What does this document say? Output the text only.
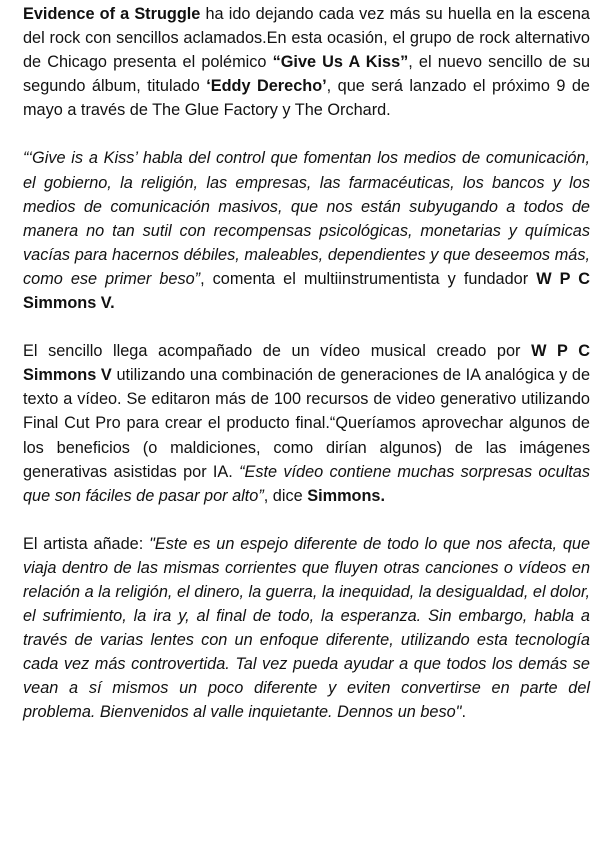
Evidence of a Struggle ha ido dejando cada vez más su huella en la escena del rock con sencillos aclamados.En esta ocasión, el grupo de rock alternativo de Chicago presenta el polémico “Give Us A Kiss”, el nuevo sencillo de su segundo álbum, titulado ‘Eddy Derecho’, que será lanzado el próximo 9 de mayo a través de The Glue Factory y The Orchard.

“‘Give is a Kiss’ habla del control que fomentan los medios de comunicación, el gobierno, la religión, las empresas, las farmacéuticas, los bancos y los medios de comunicación masivos, que nos están subyugando a todos de manera no tan sutil con recompensas psicológicas, monetarias y químicas vacías para hacernos débiles, maleables, dependientes y que deseemos más, como ese primer beso”, comenta el multiinstrumentista y fundador W P C Simmons V.

El sencillo llega acompañado de un vídeo musical creado por W P C Simmons V utilizando una combinación de generaciones de IA analógica y de texto a vídeo. Se editaron más de 100 recursos de video generativo utilizando Final Cut Pro para crear el producto final.“Queríamos aprovechar algunos de los beneficios (o maldiciones, como dirían algunos) de las imágenes generativas asistidas por IA. “Este vídeo contiene muchas sorpresas ocultas que son fáciles de pasar por alto”, dice Simmons.

El artista añade: "Este es un espejo diferente de todo lo que nos afecta, que viaja dentro de las mismas corrientes que fluyen otras canciones o vídeos en relación a la religión, el dinero, la guerra, la inequidad, la desigualdad, el dolor, el sufrimiento, la ira y, al final de todo, la esperanza. Sin embargo, habla a través de varias lentes con un enfoque diferente, utilizando esta tecnología cada vez más controvertida. Tal vez pueda ayudar a que todos los demás se vean a sí mismos un poco diferente y eviten convertirse en parte del problema. Bienvenidos al valle inquietante. Dennos un beso".
